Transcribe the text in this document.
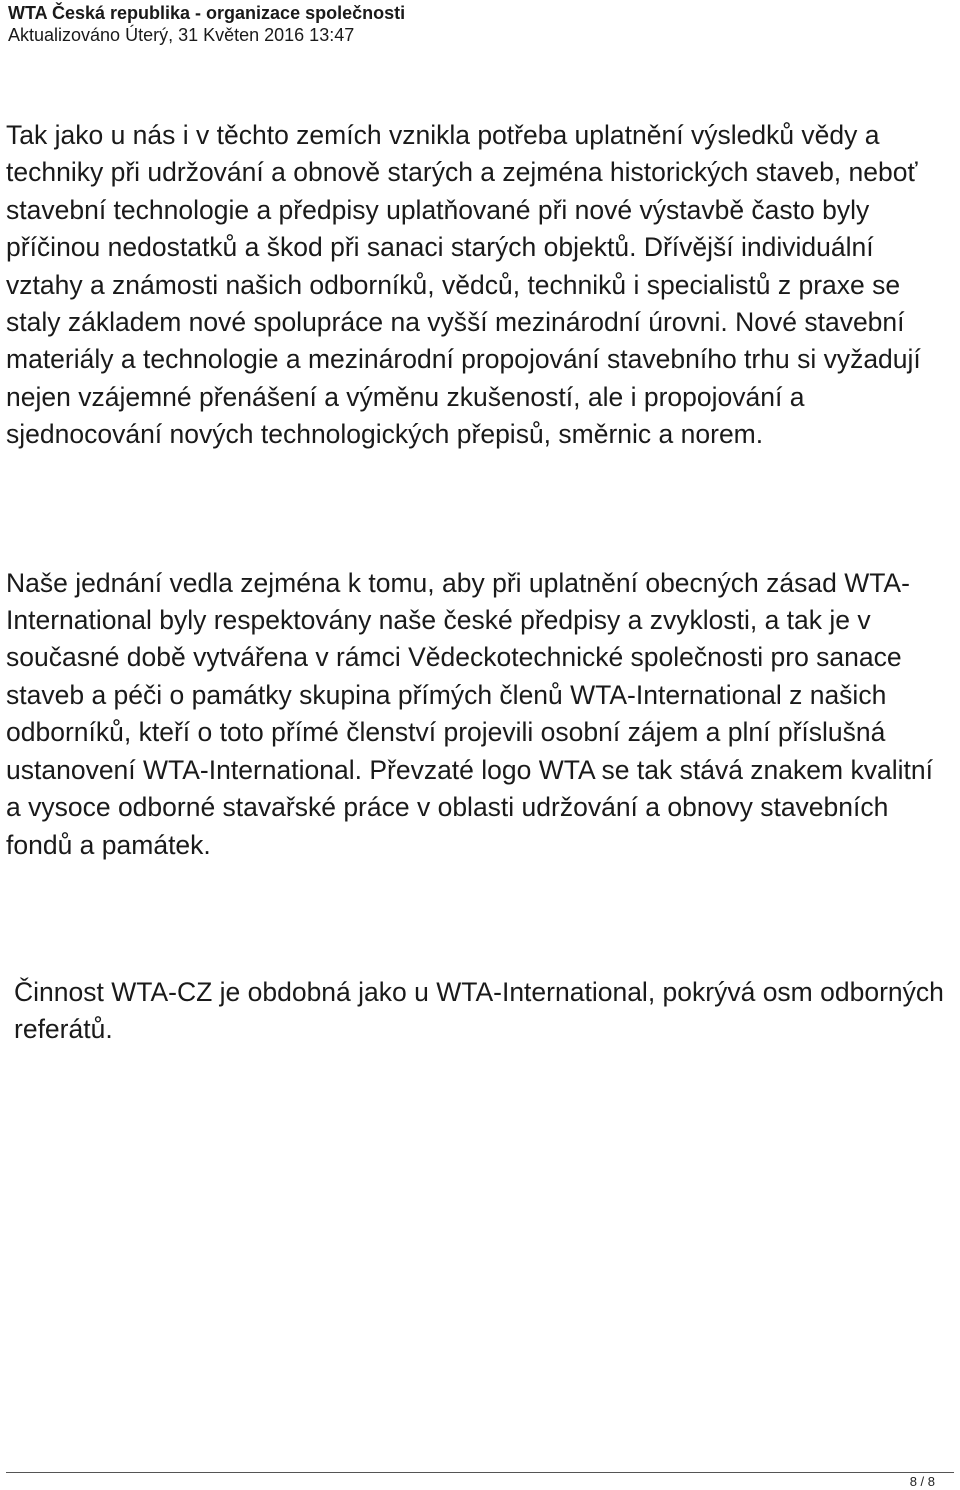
WTA Česká republika - organizace společnosti
Aktualizováno Úterý, 31 Květen 2016 13:47

Tak jako u nás i v těchto zemích vznikla potřeba uplatnění výsledků vědy a techniky při udržování a obnově starých a zejména historických staveb, neboť stavební technologie a předpisy uplatňované při nové výstavbě často byly příčinou nedostatků a škod při sanaci starých objektů. Dřívější individuální vztahy a známosti našich odborníků, vědců, techniků i specialistů z praxe se staly základem nové spolupráce na vyšší mezinárodní úrovni. Nové stavební materiály a technologie a mezinárodní propojování stavebního trhu si vyžadují nejen vzájemné přenášení a výměnu zkušeností, ale i propojování a sjednocování nových technologických přepisů, směrnic a norem.

Naše jednání vedla zejména k tomu, aby při uplatnění obecných zásad WTA-International byly respektovány naše české předpisy a zvyklosti, a tak je v současné době vytvářena v rámci Vědeckotechnické společnosti pro sanace staveb a péči o památky skupina přímých členů WTA-International z našich odborníků, kteří o toto přímé členství projevili osobní zájem a plní příslušná ustanovení WTA-International. Převzaté logo WTA se tak stává znakem kvalitní a vysoce odborné stavařské práce v oblasti udržování a obnovy stavebních fondů a památek.

Činnost WTA-CZ je obdobná jako u WTA-International, pokrývá osm odborných referátů.

8 / 8
